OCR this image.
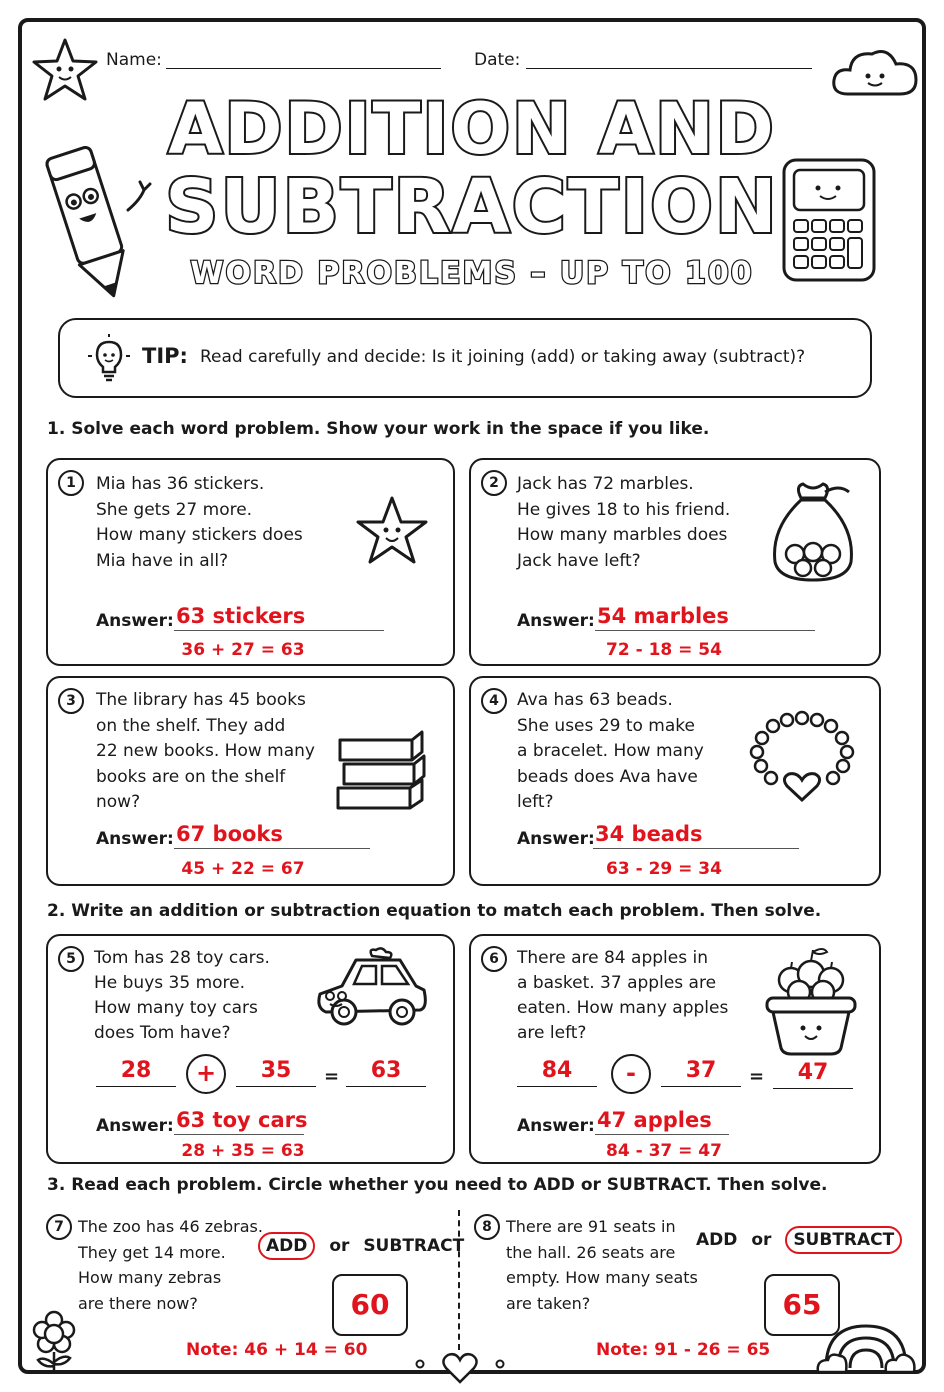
Name:	Date:
ADDITION AND
SUBTRACTION
WORD PROBLEMS – UP TO 100
TIP: Read carefully and decide: Is it joining (add) or taking away (subtract)?
1. Solve each word problem. Show your work in the space if you like.
1	Mia has 36 stickers.
She gets 27 more.
How many stickers does
Mia have in all?
Answer: 63 stickers
36 + 27 = 63
2	Jack has 72 marbles.
He gives 18 to his friend.
How many marbles does
Jack have left?
Answer: 54 marbles
72 - 18 = 54
3	The library has 45 books
on the shelf. They add
22 new books. How many
books are on the shelf
now?
Answer: 67 books
45 + 22 = 67
4	Ava has 63 beads.
She uses 29 to make
a bracelet. How many
beads does Ava have
left?
Answer: 34 beads
63 - 29 = 34
2. Write an addition or subtraction equation to match each problem. Then solve.
5	Tom has 28 toy cars.
He buys 35 more.
How many toy cars
does Tom have?
28	+	35	=	63
Answer: 63 toy cars
28 + 35 = 63
6	There are 84 apples in
a basket. 37 apples are
eaten. How many apples
are left?
84	-	37	=	47
Answer: 47 apples
84 - 37 = 47
3. Read each problem. Circle whether you need to ADD or SUBTRACT. Then solve.
7 The zoo has 46 zebras.
They get 14 more.
How many zebras
are there now?
ADD or SUBTRACT
60
Note: 46 + 14 = 60
8 There are 91 seats in
the hall. 26 seats are
empty. How many seats
are taken?
ADD or SUBTRACT
65
Note: 91 - 26 = 65
